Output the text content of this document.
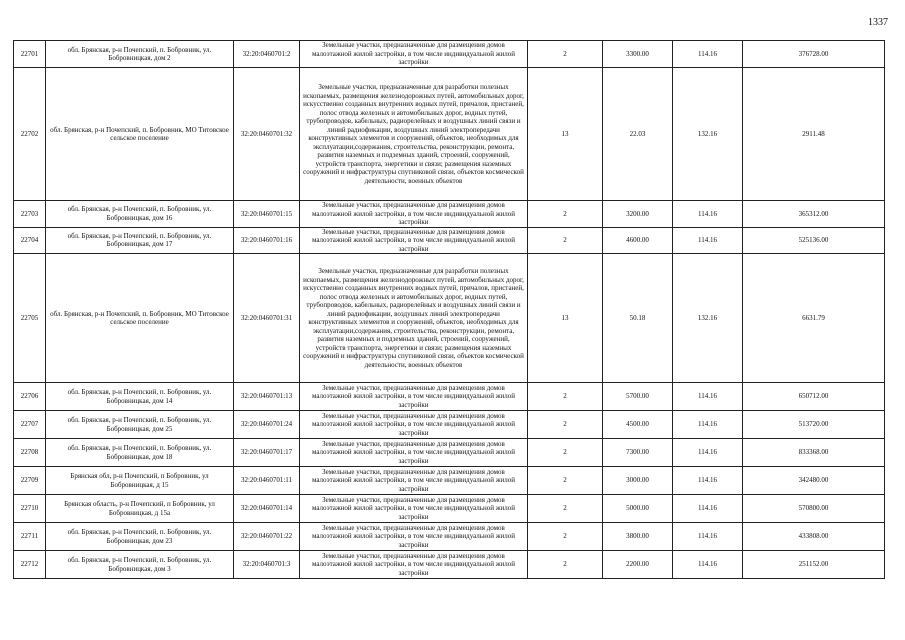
1337
22701	обл. Брянская, р-н Почепский, п. Бобровник, ул. Бобровницкая, дом 2	32:20:0460701:2	Земельные участки, предназначенные для размещения домов малоэтажной жилой застройки, в том числе индивидуальной жилой застройки	2	3300.00	114.16	376728.00
22702	обл. Брянская, р-н Почепский, п. Бобровник, МО Титовское сельское поселение	32:20:0460701:32	Земельные участки, предназначенные для разработки полезных ископаемых, размещения железнодорожных путей, автомобильных дорог, искусственно созданных внутренних водных путей, причалов, пристаней, полос отвода железных и автомобильных дорог, водных путей, трубопроводов, кабельных, радиорелейных и воздушных линий связи и линий радиофикации, воздушных линий электропередачи конструктивных элементов и сооружений, объектов, необходимых для эксплуатации,содержания, строительства, реконструкции, ремонта, развития наземных и подземных зданий, строений, сооружений, устройств транспорта, энергетики и связи; размещения наземных сооружений и инфраструктуры спутниковой связи, объектов космической деятельности, военных объектов	13	22.03	132.16	2911.48
22703	обл. Брянская, р-н Почепский, п. Бобровник, ул. Бобровницкая, дом 16	32:20:0460701:15	Земельные участки, предназначенные для размещения домов малоэтажной жилой застройки, в том числе индивидуальной жилой застройки	2	3200.00	114.16	365312.00
22704	обл. Брянская, р-н Почепский, п. Бобровник, ул. Бобровницкая, дом 17	32:20:0460701:16	Земельные участки, предназначенные для размещения домов малоэтажной жилой застройки, в том числе индивидуальной жилой застройки	2	4600.00	114.16	525136.00
22705	обл. Брянская, р-н Почепский, п. Бобровник, МО Титовское сельское поселение	32:20:0460701:31	Земельные участки, предназначенные для разработки полезных ископаемых, размещения железнодорожных путей, автомобильных дорог, искусственно созданных внутренних водных путей, причалов, пристаней, полос отвода железных и автомобильных дорог, водных путей, трубопроводов, кабельных, радиорелейных и воздушных линий связи и линий радиофикации, воздушных линий электропередачи конструктивных элементов и сооружений, объектов, необходимых для эксплуатации,содержания, строительства, реконструкции, ремонта, развития наземных и подземных зданий, строений, сооружений, устройств транспорта, энергетики и связи; размещения наземных сооружений и инфраструктуры спутниковой связи, объектов космической деятельности, военных объектов	13	50.18	132.16	6631.79
22706	обл. Брянская, р-н Почепский, п. Бобровник, ул. Бобровницкая, дом 14	32:20:0460701:13	Земельные участки, предназначенные для размещения домов малоэтажной жилой застройки, в том числе индивидуальной жилой застройки	2	5700.00	114.16	650712.00
22707	обл. Брянская, р-н Почепский, п. Бобровник, ул. Бобровницкая, дом 25	32:20:0460701:24	Земельные участки, предназначенные для размещения домов малоэтажной жилой застройки, в том числе индивидуальной жилой застройки	2	4500.00	114.16	513720.00
22708	обл. Брянская, р-н Почепский, п. Бобровник, ул. Бобровницкая, дом 18	32:20:0460701:17	Земельные участки, предназначенные для размещения домов малоэтажной жилой застройки, в том числе индивидуальной жилой застройки	2	7300.00	114.16	833368.00
22709	Брянская обл, р-н Почепский, п Бобровник, ул Бобровницкая, д 15	32:20:0460701:11	Земельные участки, предназначенные для размещения домов малоэтажной жилой застройки, в том числе индивидуальной жилой застройки	2	3000.00	114.16	342480.00
22710	Брянская область, р-н Почепский, п Бобровник, ул Бобровницкая, д 15а	32:20:0460701:14	Земельные участки, предназначенные для размещения домов малоэтажной жилой застройки, в том числе индивидуальной жилой застройки	2	5000.00	114.16	570800.00
22711	обл. Брянская, р-н Почепский, п. Бобровник, ул. Бобровницкая, дом 23	32:20:0460701:22	Земельные участки, предназначенные для размещения домов малоэтажной жилой застройки, в том числе индивидуальной жилой застройки	2	3800.00	114.16	433808.00
22712	обл. Брянская, р-н Почепский, п. Бобровник, ул. Бобровницкая, дом 3	32:20:0460701:3	Земельные участки, предназначенные для размещения домов малоэтажной жилой застройки, в том числе индивидуальной жилой застройки	2	2200.00	114.16	251152.00
